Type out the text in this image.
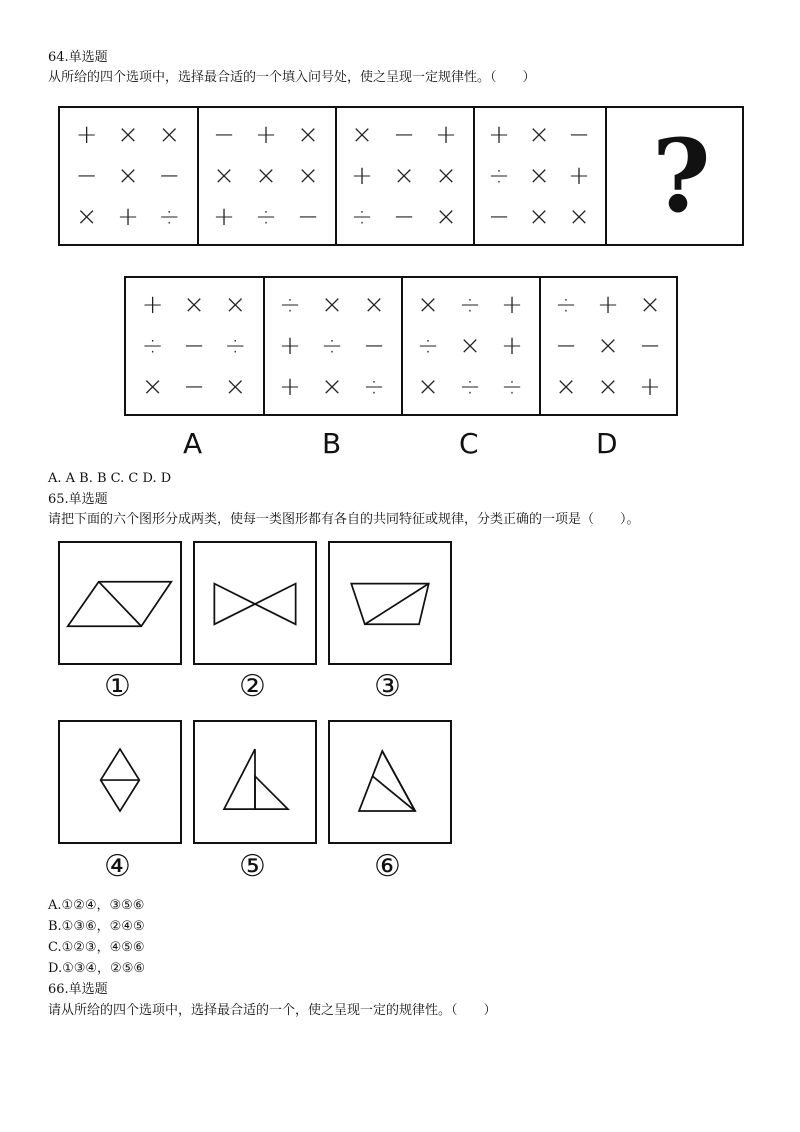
64.单选题
从所给的四个选项中，选择最合适的一个填入问号处，使之呈现一定规律性。（　　）
+ × ×
− × −
× + ÷
− + ×
× × ×
+ ÷ −
× − +
+ × ×
÷ − ×
+ × −
÷ × +
− × × ?
+ × ×
÷ − ÷
× − ×
÷ × ×
+ ÷ −
+ × ÷
× ÷ +
÷ × +
× ÷ ÷
÷ + ×
− × −
× × +
A	B	C	D
A. A B. B C. C D. D
65.单选题
请把下面的六个图形分成两类，使每一类图形都有各自的共同特征或规律，分类正确的一项是（　　）。
①	②	③
④	⑤	⑥
A.①②④，③⑤⑥
B.①③⑥，②④⑤
C.①②③，④⑤⑥
D.①③④，②⑤⑥
66.单选题
请从所给的四个选项中，选择最合适的一个，使之呈现一定的规律性。（　　）
